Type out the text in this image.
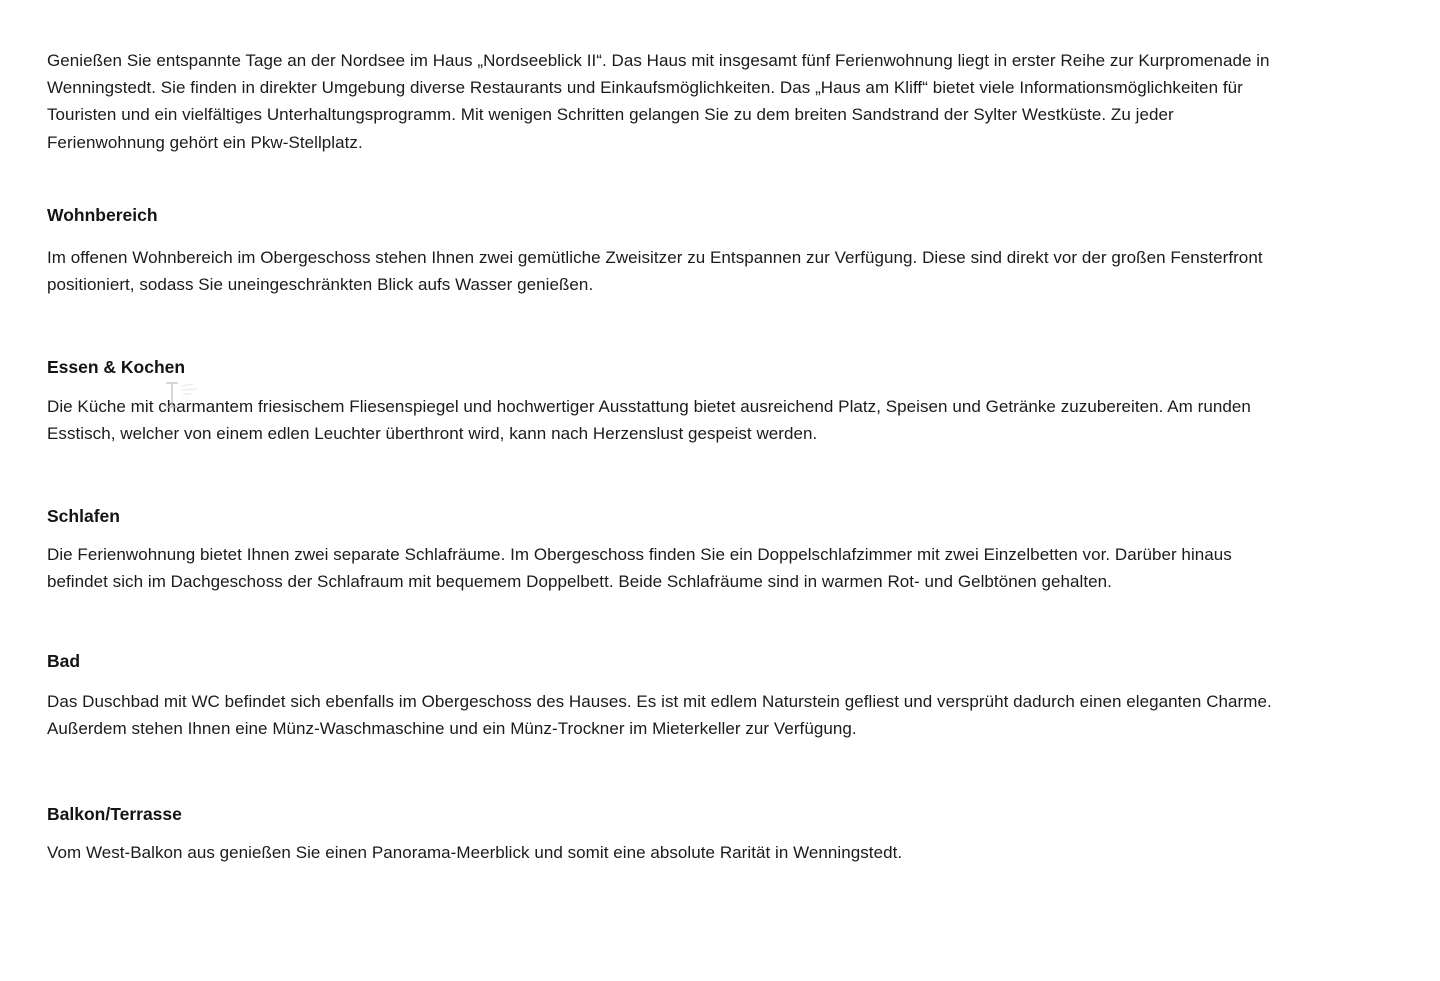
Genießen Sie entspannte Tage an der Nordsee im Haus „Nordseeblick II“. Das Haus mit insgesamt fünf Ferienwohnung liegt in erster Reihe zur Kurpromenade in
Wenningstedt. Sie finden in direkter Umgebung diverse Restaurants und Einkaufsmöglichkeiten. Das „Haus am Kliff“ bietet viele Informationsmöglichkeiten für
Touristen und ein vielfältiges Unterhaltungsprogramm. Mit wenigen Schritten gelangen Sie zu dem breiten Sandstrand der Sylter Westküste. Zu jeder
Ferienwohnung gehört ein Pkw-Stellplatz.
Wohnbereich
Im offenen Wohnbereich im Obergeschoss stehen Ihnen zwei gemütliche Zweisitzer zu Entspannen zur Verfügung. Diese sind direkt vor der großen Fensterfront
positioniert, sodass Sie uneingeschränkten Blick aufs Wasser genießen.
Essen & Kochen
Die Küche mit charmantem friesischem Fliesenspiegel und hochwertiger Ausstattung bietet ausreichend Platz, Speisen und Getränke zuzubereiten. Am runden
Esstisch, welcher von einem edlen Leuchter überthront wird, kann nach Herzenslust gespeist werden.
Schlafen
Die Ferienwohnung bietet Ihnen zwei separate Schlafräume. Im Obergeschoss finden Sie ein Doppelschlafzimmer mit zwei Einzelbetten vor. Darüber hinaus
befindet sich im Dachgeschoss der Schlafraum mit bequemem Doppelbett. Beide Schlafräume sind in warmen Rot- und Gelbtönen gehalten.
Bad
Das Duschbad mit WC befindet sich ebenfalls im Obergeschoss des Hauses. Es ist mit edlem Naturstein gefliest und versprüht dadurch einen eleganten Charme.
Außerdem stehen Ihnen eine Münz-Waschmaschine und ein Münz-Trockner im Mieterkeller zur Verfügung.
Balkon/Terrasse
Vom West-Balkon aus genießen Sie einen Panorama-Meerblick und somit eine absolute Rarität in Wenningstedt.
